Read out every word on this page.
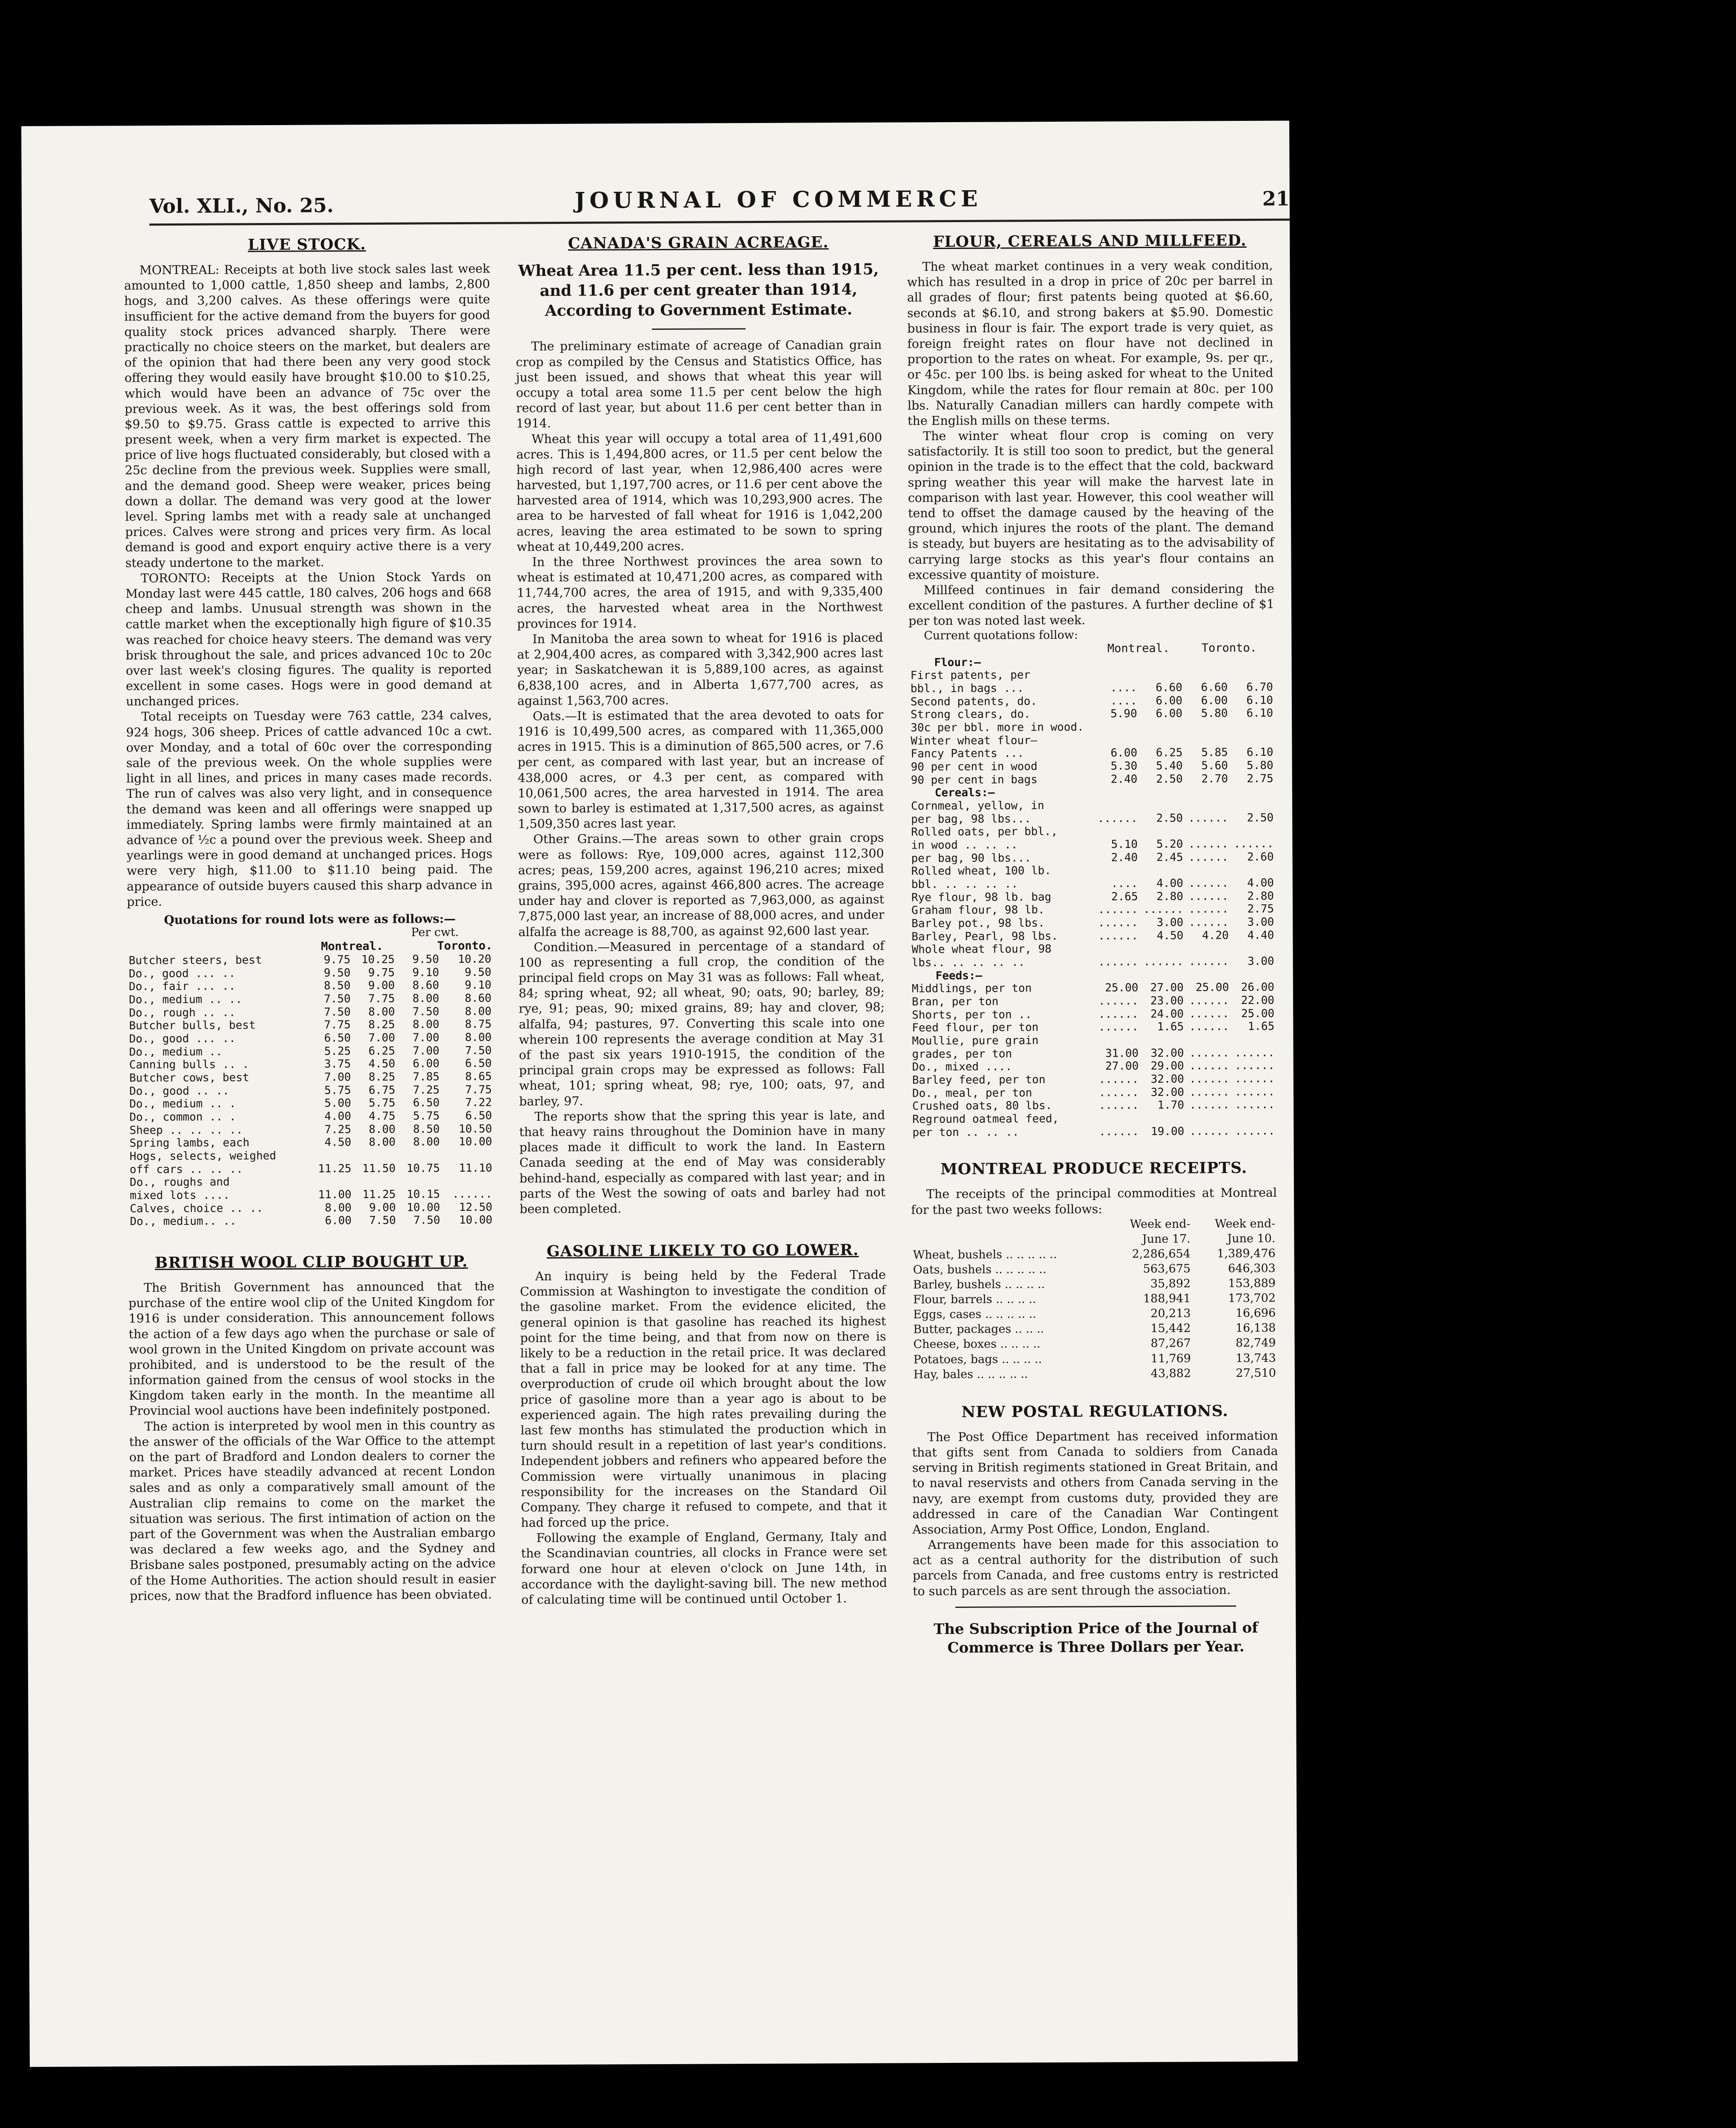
Vol. XLI., No. 25.	JOURNAL OF COMMERCE	21
LIVE STOCK.

MONTREAL: Receipts at both live stock sales last week amounted to 1,000 cattle, 1,850 sheep and lambs, 2,800 hogs, and 3,200 calves. As these offerings were quite insufficient for the active demand from the buyers for good quality stock prices advanced sharply. There were practically no choice steers on the market, but dealers are of the opinion that had there been any very good stock offering they would easily have brought $10.00 to $10.25, which would have been an advance of 75c over the previous week. As it was, the best offerings sold from $9.50 to $9.75. Grass cattle is expected to arrive this present week, when a very firm market is expected. The price of live hogs fluctuated considerably, but closed with a 25c decline from the previous week. Supplies were small, and the demand good. Sheep were weaker, prices being down a dollar. The demand was very good at the lower level. Spring lambs met with a ready sale at unchanged prices. Calves were strong and prices very firm. As local demand is good and export enquiry active there is a very steady undertone to the market.

TORONTO: Receipts at the Union Stock Yards on Monday last were 445 cattle, 180 calves, 206 hogs and 668 cheep and lambs. Unusual strength was shown in the cattle market when the exceptionally high figure of $10.35 was reached for choice heavy steers. The demand was very brisk throughout the sale, and prices advanced 10c to 20c over last week's closing figures. The quality is reported excellent in some cases. Hogs were in good demand at unchanged prices.

Total receipts on Tuesday were 763 cattle, 234 calves, 924 hogs, 306 sheep. Prices of cattle advanced 10c a cwt. over Monday, and a total of 60c over the corresponding sale of the previous week. On the whole supplies were light in all lines, and prices in many cases made records. The run of calves was also very light, and in consequence the demand was keen and all offerings were snapped up immediately. Spring lambs were firmly maintained at an advance of ½c a pound over the previous week. Sheep and yearlings were in good demand at unchanged prices. Hogs were very high, $11.00 to $11.10 being paid. The appearance of outside buyers caused this sharp advance in price.

Quotations for round lots were as follows:—
Per cwt.
	Montreal.		Toronto.	
Butcher steers, best	9.75	10.25	9.50	10.20
Do., good ... ..	9.50	9.75	9.10	9.50
Do., fair ... ..	8.50	9.00	8.60	9.10
Do., medium .. ..	7.50	7.75	8.00	8.60
Do., rough .. ..	7.50	8.00	7.50	8.00
Butcher bulls, best	7.75	8.25	8.00	8.75
Do., good ... ..	6.50	7.00	7.00	8.00
Do., medium ..	5.25	6.25	7.00	7.50
Canning bulls .. .	3.75	4.50	6.00	6.50
Butcher cows, best	7.00	8.25	7.85	8.65
Do., good .. ..	5.75	6.75	7.25	7.75
Do., medium .. .	5.00	5.75	6.50	7.22
Do., common .. .	4.00	4.75	5.75	6.50
Sheep .. .. .. ..	7.25	8.00	8.50	10.50
Spring lambs, each	4.50	8.00	8.00	10.00
Hogs, selects, weighed				
off cars .. .. ..	11.25	11.50	10.75	11.10
Do., roughs and				
mixed lots ....	11.00	11.25	10.15	......
Calves, choice .. ..	8.00	9.00	10.00	12.50
Do., medium.. ..	6.00	7.50	7.50	10.00
BRITISH WOOL CLIP BOUGHT UP.

The British Government has announced that the purchase of the entire wool clip of the United Kingdom for 1916 is under consideration. This announcement follows the action of a few days ago when the purchase or sale of wool grown in the United Kingdom on private account was prohibited, and is understood to be the result of the information gained from the census of wool stocks in the Kingdom taken early in the month. In the meantime all Provincial wool auctions have been indefinitely postponed.

The action is interpreted by wool men in this country as the answer of the officials of the War Office to the attempt on the part of Bradford and London dealers to corner the market. Prices have steadily advanced at recent London sales and as only a comparatively small amount of the Australian clip remains to come on the market the situation was serious. The first intimation of action on the part of the Government was when the Australian embargo was declared a few weeks ago, and the Sydney and Brisbane sales postponed, presumably acting on the advice of the Home Authorities. The action should result in easier prices, now that the Bradford influence has been obviated.

CANADA'S GRAIN ACREAGE.
Wheat Area 11.5 per cent. less than 1915, and 11.6 per cent greater than 1914, According to Government Estimate.

The preliminary estimate of acreage of Canadian grain crop as compiled by the Census and Statistics Office, has just been issued, and shows that wheat this year will occupy a total area some 11.5 per cent below the high record of last year, but about 11.6 per cent better than in 1914.

Wheat this year will occupy a total area of 11,491,600 acres. This is 1,494,800 acres, or 11.5 per cent below the high record of last year, when 12,986,400 acres were harvested, but 1,197,700 acres, or 11.6 per cent above the harvested area of 1914, which was 10,293,900 acres. The area to be harvested of fall wheat for 1916 is 1,042,200 acres, leaving the area estimated to be sown to spring wheat at 10,449,200 acres.

In the three Northwest provinces the area sown to wheat is estimated at 10,471,200 acres, as compared with 11,744,700 acres, the area of 1915, and with 9,335,400 acres, the harvested wheat area in the Northwest provinces for 1914.

In Manitoba the area sown to wheat for 1916 is placed at 2,904,400 acres, as compared with 3,342,900 acres last year; in Saskatchewan it is 5,889,100 acres, as against 6,838,100 acres, and in Alberta 1,677,700 acres, as against 1,563,700 acres.

Oats.—It is estimated that the area devoted to oats for 1916 is 10,499,500 acres, as compared with 11,365,000 acres in 1915. This is a diminution of 865,500 acres, or 7.6 per cent, as compared with last year, but an increase of 438,000 acres, or 4.3 per cent, as compared with 10,061,500 acres, the area harvested in 1914. The area sown to barley is estimated at 1,317,500 acres, as against 1,509,350 acres last year.

Other Grains.—The areas sown to other grain crops were as follows: Rye, 109,000 acres, against 112,300 acres; peas, 159,200 acres, against 196,210 acres; mixed grains, 395,000 acres, against 466,800 acres. The acreage under hay and clover is reported as 7,963,000, as against 7,875,000 last year, an increase of 88,000 acres, and under alfalfa the acreage is 88,700, as against 92,600 last year.

Condition.—Measured in percentage of a standard of 100 as representing a full crop, the condition of the principal field crops on May 31 was as follows: Fall wheat, 84; spring wheat, 92; all wheat, 90; oats, 90; barley, 89; rye, 91; peas, 90; mixed grains, 89; hay and clover, 98; alfalfa, 94; pastures, 97. Converting this scale into one wherein 100 represents the average condition at May 31 of the past six years 1910-1915, the condition of the principal grain crops may be expressed as follows: Fall wheat, 101; spring wheat, 98; rye, 100; oats, 97, and barley, 97.

The reports show that the spring this year is late, and that heavy rains throughout the Dominion have in many places made it difficult to work the land. In Eastern Canada seeding at the end of May was considerably behind-hand, especially as compared with last year; and in parts of the West the sowing of oats and barley had not been completed.

GASOLINE LIKELY TO GO LOWER.

An inquiry is being held by the Federal Trade Commission at Washington to investigate the condition of the gasoline market. From the evidence elicited, the general opinion is that gasoline has reached its highest point for the time being, and that from now on there is likely to be a reduction in the retail price. It was declared that a fall in price may be looked for at any time. The overproduction of crude oil which brought about the low price of gasoline more than a year ago is about to be experienced again. The high rates prevailing during the last few months has stimulated the production which in turn should result in a repetition of last year's conditions. Independent jobbers and refiners who appeared before the Commission were virtually unanimous in placing responsibility for the increases on the Standard Oil Company. They charge it refused to compete, and that it had forced up the price.

Following the example of England, Germany, Italy and the Scandinavian countries, all clocks in France were set forward one hour at eleven o'clock on June 14th, in accordance with the daylight-saving bill. The new method of calculating time will be continued until October 1.

FLOUR, CEREALS AND MILLFEED.

The wheat market continues in a very weak condition, which has resulted in a drop in price of 20c per barrel in all grades of flour; first patents being quoted at $6.60, seconds at $6.10, and strong bakers at $5.90. Domestic business in flour is fair. The export trade is very quiet, as foreign freight rates on flour have not declined in proportion to the rates on wheat. For example, 9s. per qr., or 45c. per 100 lbs. is being asked for wheat to the United Kingdom, while the rates for flour remain at 80c. per 100 lbs. Naturally Canadian millers can hardly compete with the English mills on these terms.

The winter wheat flour crop is coming on very satisfactorily. It is still too soon to predict, but the general opinion in the trade is to the effect that the cold, backward spring weather this year will make the harvest late in comparison with last year. However, this cool weather will tend to offset the damage caused by the heaving of the ground, which injures the roots of the plant. The demand is steady, but buyers are hesitating as to the advisability of carrying large stocks as this year's flour contains an excessive quantity of moisture.

Millfeed continues in fair demand considering the excellent condition of the pastures. A further decline of $1 per ton was noted last week.

Current quotations follow:
	Montreal.		Toronto.	
Flour:—				
First patents, per				
bbl., in bags ...	....	6.60	6.60	6.70
Second patents, do.	....	6.00	6.00	6.10
Strong clears, do.	5.90	6.00	5.80	6.10
30c per bbl. more in wood.				
Winter wheat flour—				
Fancy Patents ...	6.00	6.25	5.85	6.10
90 per cent in wood	5.30	5.40	5.60	5.80
90 per cent in bags	2.40	2.50	2.70	2.75
Cereals:—				
Cornmeal, yellow, in				
per bag, 98 lbs...	......	2.50	......	2.50
Rolled oats, per bbl.,				
in wood .. .. ..	5.10	5.20	......	......
per bag, 90 lbs...	2.40	2.45	......	2.60
Rolled wheat, 100 lb.				
bbl. .. .. .. ..	....	4.00	......	4.00
Rye flour, 98 lb. bag	2.65	2.80	......	2.80
Graham flour, 98 lb.	......	......	......	2.75
Barley pot., 98 lbs.	......	3.00	......	3.00
Barley, Pearl, 98 lbs.	......	4.50	4.20	4.40
Whole wheat flour, 98				
lbs.. .. .. .. ..	......	......	......	3.00
Feeds:—				
Middlings, per ton	25.00	27.00	25.00	26.00
Bran, per ton	......	23.00	......	22.00
Shorts, per ton ..	......	24.00	......	25.00
Feed flour, per ton	......	1.65	......	1.65
Moullie, pure grain				
grades, per ton	31.00	32.00	......	......
Do., mixed ....	27.00	29.00	......	......
Barley feed, per ton	......	32.00	......	......
Do., meal, per ton	......	32.00	......	......
Crushed oats, 80 lbs.	......	1.70	......	......
Reground oatmeal feed,				
per ton .. .. ..	......	19.00	......	......
MONTREAL PRODUCE RECEIPTS.

The receipts of the principal commodities at Montreal for the past two weeks follows:

	Week end-	Week end-
	June 17.	June 10.
Wheat, bushels .. .. .. .. ..	2,286,654	1,389,476
Oats, bushels .. .. .. .. ..	563,675	646,303
Barley, bushels .. .. .. ..	35,892	153,889
Flour, barrels .. .. .. ..	188,941	173,702
Eggs, cases .. .. .. .. ..	20,213	16,696
Butter, packages .. .. ..	15,442	16,138
Cheese, boxes .. .. .. ..	87,267	82,749
Potatoes, bags .. .. .. ..	11,769	13,743
Hay, bales .. .. .. .. ..	43,882	27,510
NEW POSTAL REGULATIONS.

The Post Office Department has received information that gifts sent from Canada to soldiers from Canada serving in British regiments stationed in Great Britain, and to naval reservists and others from Canada serving in the navy, are exempt from customs duty, provided they are addressed in care of the Canadian War Contingent Association, Army Post Office, London, England.

Arrangements have been made for this association to act as a central authority for the distribution of such parcels from Canada, and free customs entry is restricted to such parcels as are sent through the association.

The Subscription Price of the Journal of Commerce is Three Dollars per Year.
